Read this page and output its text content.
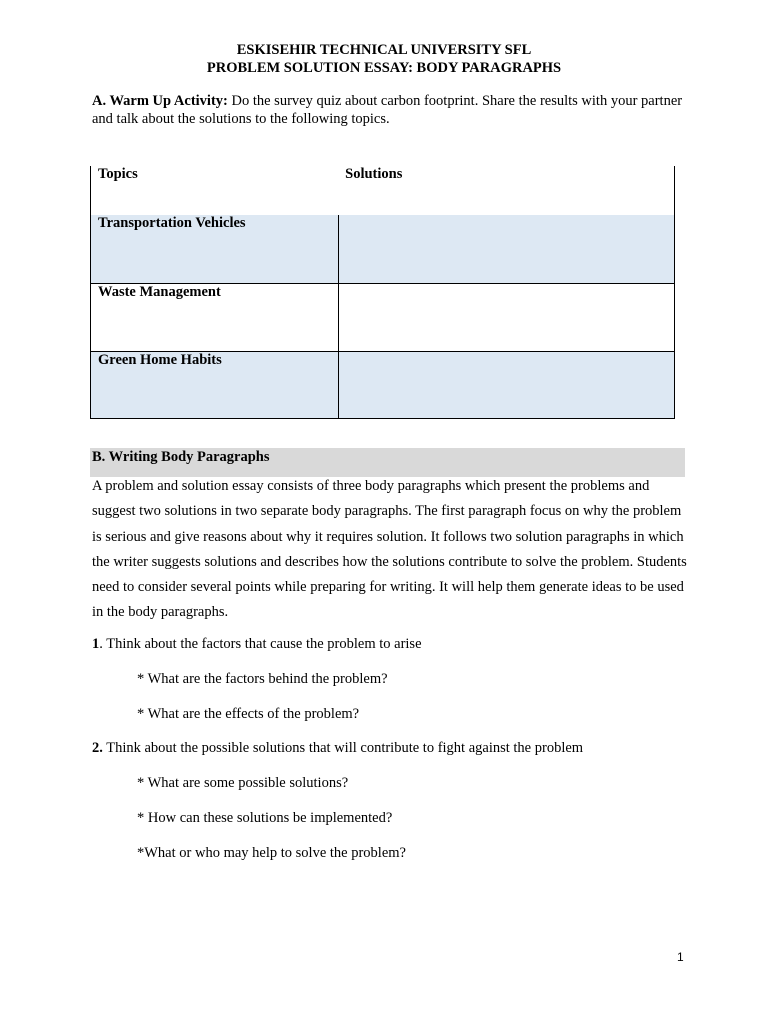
ESKISEHIR TECHNICAL UNIVERSITY SFL
PROBLEM SOLUTION ESSAY: BODY PARAGRAPHS
A. Warm Up Activity: Do the survey quiz about carbon footprint. Share the results with your partner and talk about the solutions to the following topics.
Topics	Solutions
Transportation Vehicles	
Waste Management	
Green Home Habits	
B. Writing Body Paragraphs
A problem and solution essay consists of three body paragraphs which present the problems and suggest two solutions in two separate body paragraphs. The first paragraph focus on why the problem is serious and give reasons about why it requires solution. It follows two solution paragraphs in which the writer suggests solutions and describes how the solutions contribute to solve the problem. Students need to consider several points while preparing for writing. It will help them generate ideas to be used in the body paragraphs.
1. Think about the factors that cause the problem to arise
* What are the factors behind the problem?
* What are the effects of the problem?
2. Think about the possible solutions that will contribute to fight against the problem
* What are some possible solutions?
* How can these solutions be implemented?
*What or who may help to solve the problem?
1
